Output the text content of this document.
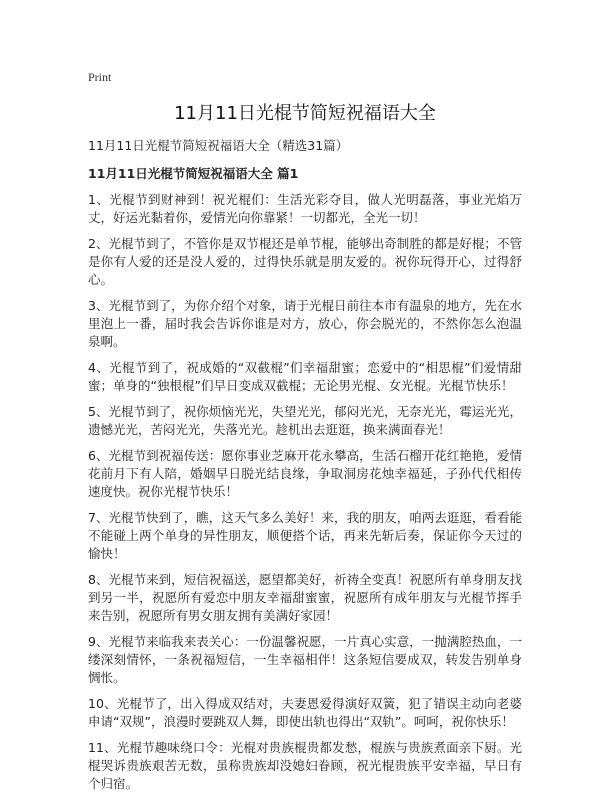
Print
11月11日光棍节简短祝福语大全
11月11日光棍节简短祝福语大全（精选31篇）
11月11日光棍节简短祝福语大全 篇1

1、光棍节到财神到！祝光棍们：生活光彩夺目，做人光明磊落，事业光焰万丈，好运光黏着你，爱情光向你靠紧！一切都光，全光一切！

2、光棍节到了，不管你是双节棍还是单节棍，能够出奇制胜的都是好棍；不管是你有人爱的还是没人爱的，过得快乐就是朋友爱的。祝你玩得开心，过得舒心。

3、光棍节到了，为你介绍个对象，请于光棍日前往本市有温泉的地方，先在水里泡上一番，届时我会告诉你谁是对方，放心，你会脱光的，不然你怎么泡温泉啊。

4、光棍节到了，祝成婚的“双截棍”们幸福甜蜜；恋爱中的“相思棍”们爱情甜蜜；单身的“独根棍”们早日变成双截棍；无论男光棍、女光棍。光棍节快乐！

5、光棍节到了，祝你烦恼光光，失望光光，郁闷光光，无奈光光，霉运光光，遗憾光光，苦闷光光，失落光光。趁机出去逛逛，换来满面春光！

6、光棍节到祝福传送：愿你事业芝麻开花永攀高，生活石榴开花红艳艳，爱情花前月下有人陪，婚姻早日脱光结良缘，争取洞房花烛幸福延，子孙代代相传速度快。祝你光棍节快乐！

7、光棍节快到了，瞧，这天气多么美好！来，我的朋友，咱两去逛逛，看看能不能碰上两个单身的异性朋友，顺便搭个话，再来先斩后奏，保证你今天过的愉快！

8、光棍节来到，短信祝福送，愿望都美好，祈祷全变真！祝愿所有单身朋友找到另一半，祝愿所有爱恋中朋友幸福甜蜜蜜，祝愿所有成年朋友与光棍节挥手来告别，祝愿所有男女朋友拥有美满好家园！

9、光棍节来临我来表关心：一份温馨祝愿，一片真心实意，一抛满腔热血，一缕深刻情怀，一条祝福短信，一生幸福相伴！这条短信要成双，转发告别单身惆怅。

10、光棍节了，出入得成双结对，夫妻恩爱得演好双簧，犯了错误主动向老婆申请“双规”，浪漫时要跳双人舞，即使出轨也得出“双轨”。呵呵，祝你快乐！

11、光棍节趣味绕口令：光棍对贵族棍贵都发愁，棍族与贵族煮面亲下厨。光棍哭诉贵族艰苦无数，虽称贵族却没媳妇眷顾，祝光棍贵族平安幸福，早日有个归宿。
